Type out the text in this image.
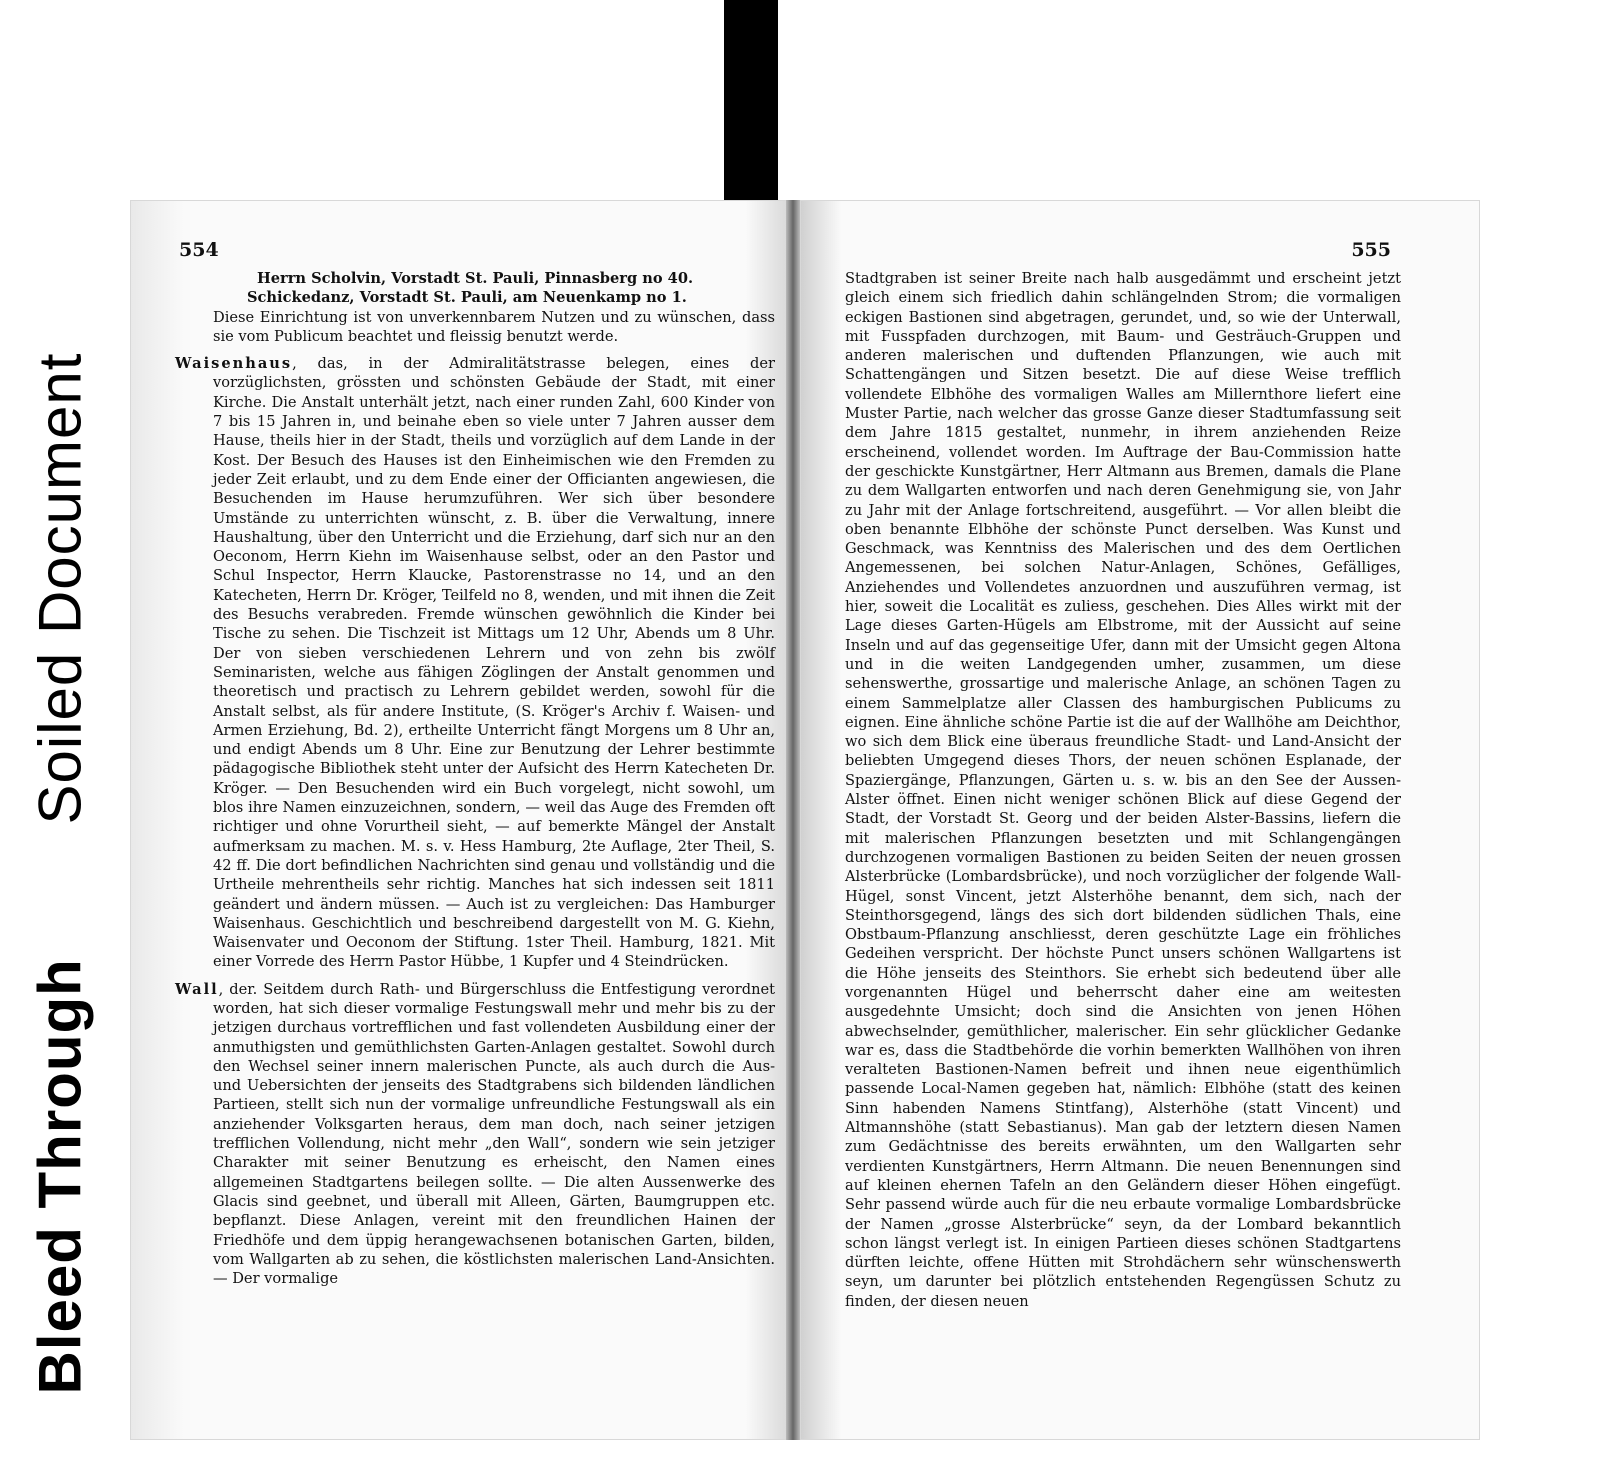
Soiled Document
Bleed Through
554

Herrn Scholvin, Vorstadt St. Pauli, Pinnasberg no 40.

Schickedanz, Vorstadt St. Pauli, am Neuenkamp no 1.

Diese Einrichtung ist von unverkennbarem Nutzen und zu wünschen, dass sie vom Publicum beachtet und fleissig benutzt werde.

Waisenhaus, das, in der Admiralitätstrasse belegen, eines der vorzüglichsten, grössten und schönsten Gebäude der Stadt, mit einer Kirche. Die Anstalt unterhält jetzt, nach einer runden Zahl, 600 Kinder von 7 bis 15 Jahren in, und beinahe eben so viele unter 7 Jahren ausser dem Hause, theils hier in der Stadt, theils und vorzüglich auf dem Lande in der Kost. Der Besuch des Hauses ist den Einheimischen wie den Fremden zu jeder Zeit erlaubt, und zu dem Ende einer der Officianten angewiesen, die Besuchenden im Hause herumzuführen. Wer sich über besondere Umstände zu unterrichten wünscht, z. B. über die Verwaltung, innere Haushaltung, über den Unterricht und die Erziehung, darf sich nur an den Oeconom, Herrn Kiehn im Waisenhause selbst, oder an den Pastor und Schul Inspector, Herrn Klaucke, Pastorenstrasse no 14, und an den Katecheten, Herrn Dr. Kröger, Teilfeld no 8, wenden, und mit ihnen die Zeit des Besuchs verabreden. Fremde wünschen gewöhnlich die Kinder bei Tische zu sehen. Die Tischzeit ist Mittags um 12 Uhr, Abends um 8 Uhr. Der von sieben verschiedenen Lehrern und von zehn bis zwölf Seminaristen, welche aus fähigen Zöglingen der Anstalt genommen und theoretisch und practisch zu Lehrern gebildet werden, sowohl für die Anstalt selbst, als für andere Institute, (S. Kröger's Archiv f. Waisen- und Armen Erziehung, Bd. 2), ertheilte Unterricht fängt Morgens um 8 Uhr an, und endigt Abends um 8 Uhr. Eine zur Benutzung der Lehrer bestimmte pädagogische Bibliothek steht unter der Aufsicht des Herrn Katecheten Dr. Kröger. — Den Besuchenden wird ein Buch vorgelegt, nicht sowohl, um blos ihre Namen einzuzeichnen, sondern, — weil das Auge des Fremden oft richtiger und ohne Vorurtheil sieht, — auf bemerkte Mängel der Anstalt aufmerksam zu machen. M. s. v. Hess Hamburg, 2te Auflage, 2ter Theil, S. 42 ff. Die dort befindlichen Nachrichten sind genau und vollständig und die Urtheile mehrentheils sehr richtig. Manches hat sich indessen seit 1811 geändert und ändern müssen. — Auch ist zu vergleichen: Das Hamburger Waisenhaus. Geschichtlich und beschreibend dargestellt von M. G. Kiehn, Waisenvater und Oeconom der Stiftung. 1ster Theil. Hamburg, 1821. Mit einer Vorrede des Herrn Pastor Hübbe, 1 Kupfer und 4 Steindrücken.

Wall, der. Seitdem durch Rath- und Bürgerschluss die Entfestigung verordnet worden, hat sich dieser vormalige Festungswall mehr und mehr bis zu der jetzigen durchaus vortrefflichen und fast vollendeten Ausbildung einer der anmuthigsten und gemüthlichsten Garten-Anlagen gestaltet. Sowohl durch den Wechsel seiner innern malerischen Puncte, als auch durch die Aus- und Uebersichten der jenseits des Stadtgrabens sich bildenden ländlichen Partieen, stellt sich nun der vormalige unfreundliche Festungswall als ein anziehender Volksgarten heraus, dem man doch, nach seiner jetzigen trefflichen Vollendung, nicht mehr „den Wall“, sondern wie sein jetziger Charakter mit seiner Benutzung es erheischt, den Namen eines allgemeinen Stadtgartens beilegen sollte. — Die alten Aussenwerke des Glacis sind geebnet, und überall mit Alleen, Gärten, Baumgruppen etc. bepflanzt. Diese Anlagen, vereint mit den freundlichen Hainen der Friedhöfe und dem üppig herangewachsenen botanischen Garten, bilden, vom Wallgarten ab zu sehen, die köstlichsten malerischen Land-Ansichten. — Der vormalige

555

Stadtgraben ist seiner Breite nach halb ausgedämmt und erscheint jetzt gleich einem sich friedlich dahin schlängelnden Strom; die vormaligen eckigen Bastionen sind abgetragen, gerundet, und, so wie der Unterwall, mit Fusspfaden durchzogen, mit Baum- und Gesträuch-Gruppen und anderen malerischen und duftenden Pflanzungen, wie auch mit Schattengängen und Sitzen besetzt. Die auf diese Weise trefflich vollendete Elbhöhe des vormaligen Walles am Millernthore liefert eine Muster Partie, nach welcher das grosse Ganze dieser Stadtumfassung seit dem Jahre 1815 gestaltet, nunmehr, in ihrem anziehenden Reize erscheinend, vollendet worden. Im Auftrage der Bau-Commission hatte der geschickte Kunstgärtner, Herr Altmann aus Bremen, damals die Plane zu dem Wallgarten entworfen und nach deren Genehmigung sie, von Jahr zu Jahr mit der Anlage fortschreitend, ausgeführt. — Vor allen bleibt die oben benannte Elbhöhe der schönste Punct derselben. Was Kunst und Geschmack, was Kenntniss des Malerischen und des dem Oertlichen Angemessenen, bei solchen Natur-Anlagen, Schönes, Gefälliges, Anziehendes und Vollendetes anzuordnen und auszuführen vermag, ist hier, soweit die Localität es zuliess, geschehen. Dies Alles wirkt mit der Lage dieses Garten-Hügels am Elbstrome, mit der Aussicht auf seine Inseln und auf das gegenseitige Ufer, dann mit der Umsicht gegen Altona und in die weiten Landgegenden umher, zusammen, um diese sehenswerthe, grossartige und malerische Anlage, an schönen Tagen zu einem Sammelplatze aller Classen des hamburgischen Publicums zu eignen. Eine ähnliche schöne Partie ist die auf der Wallhöhe am Deichthor, wo sich dem Blick eine überaus freundliche Stadt- und Land-Ansicht der beliebten Umgegend dieses Thors, der neuen schönen Esplanade, der Spaziergänge, Pflanzungen, Gärten u. s. w. bis an den See der Aussen-Alster öffnet. Einen nicht weniger schönen Blick auf diese Gegend der Stadt, der Vorstadt St. Georg und der beiden Alster-Bassins, liefern die mit malerischen Pflanzungen besetzten und mit Schlangengängen durchzogenen vormaligen Bastionen zu beiden Seiten der neuen grossen Alsterbrücke (Lombardsbrücke), und noch vorzüglicher der folgende Wall-Hügel, sonst Vincent, jetzt Alsterhöhe benannt, dem sich, nach der Steinthorsgegend, längs des sich dort bildenden südlichen Thals, eine Obstbaum-Pflanzung anschliesst, deren geschützte Lage ein fröhliches Gedeihen verspricht. Der höchste Punct unsers schönen Wallgartens ist die Höhe jenseits des Steinthors. Sie erhebt sich bedeutend über alle vorgenannten Hügel und beherrscht daher eine am weitesten ausgedehnte Umsicht; doch sind die Ansichten von jenen Höhen abwechselnder, gemüthlicher, malerischer. Ein sehr glücklicher Gedanke war es, dass die Stadtbehörde die vorhin bemerkten Wallhöhen von ihren veralteten Bastionen-Namen befreit und ihnen neue eigenthümlich passende Local-Namen gegeben hat, nämlich: Elbhöhe (statt des keinen Sinn habenden Namens Stintfang), Alsterhöhe (statt Vincent) und Altmannshöhe (statt Sebastianus). Man gab der letztern diesen Namen zum Gedächtnisse des bereits erwähnten, um den Wallgarten sehr verdienten Kunstgärtners, Herrn Altmann. Die neuen Benennungen sind auf kleinen ehernen Tafeln an den Geländern dieser Höhen eingefügt. Sehr passend würde auch für die neu erbaute vormalige Lombardsbrücke der Namen „grosse Alsterbrücke“ seyn, da der Lombard bekanntlich schon längst verlegt ist. In einigen Partieen dieses schönen Stadtgartens dürften leichte, offene Hütten mit Strohdächern sehr wünschenswerth seyn, um darunter bei plötzlich entstehenden Regengüssen Schutz zu finden, der diesen neuen
